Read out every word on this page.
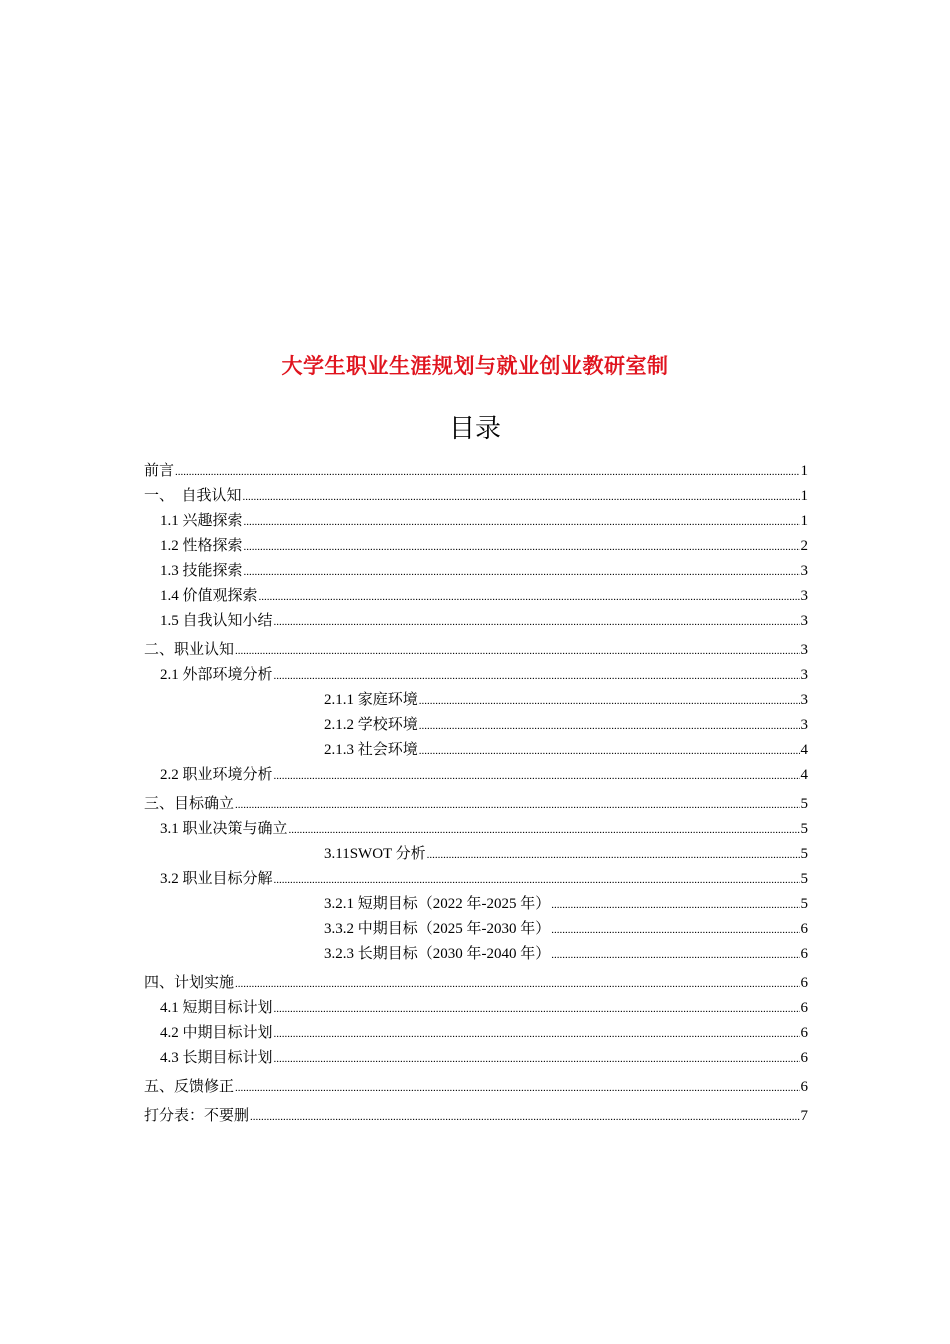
大学生职业生涯规划与就业创业教研室制
目录
前言 .....	1
一、　自我认知 .....	1
1.1 兴趣探索 .....	1
1.2 性格探索 .....	2
1.3 技能探索 .....	3
1.4 价值观探索 .....	3
1.5 自我认知小结 .....	3
二、职业认知 .....	3
2.1 外部环境分析 .....	3
2.1.1 家庭环境 .....	3
2.1.2 学校环境 .....	3
2.1.3 社会环境 .....	4
2.2 职业环境分析 .....	4
三、目标确立 .....	5
3.1 职业决策与确立 .....	5
3.11SWOT 分析 .....	5
3.2 职业目标分解 .....	5
3.2.1 短期目标（2022 年-2025 年） .....	5
3.3.2 中期目标（2025 年-2030 年） .....	6
3.2.3 长期目标（2030 年-2040 年） .....	6
四、计划实施 .....	6
4.1 短期目标计划 .....	6
4.2 中期目标计划 .....	6
4.3 长期目标计划 .....	6
五、反馈修正 .....	6
打分表：不要删 .....	7
